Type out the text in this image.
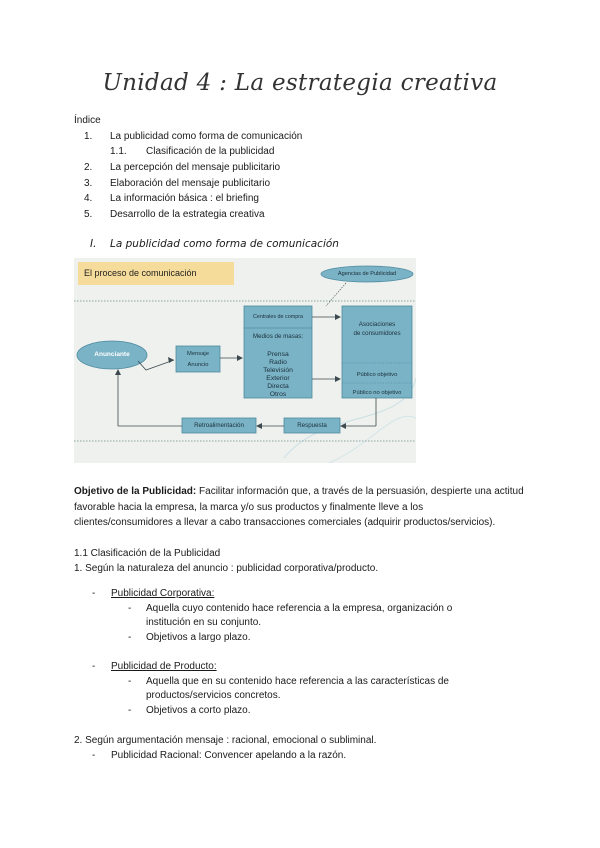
Unidad 4 : La estrategia creativa
Índice
1. La publicidad como forma de comunicación
1.1. Clasificación de la publicidad
2. La percepción del mensaje publicitario
3. Elaboración del mensaje publicitario
4. La información básica : el briefing
5. Desarrollo de la estrategia creativa
I. La publicidad como forma de comunicación
El proceso de comunicación	Agencias de Publicidad
Anunciante	Mensaje
Anuncio
Centrales de compra
Medios de masas:
Prensa
Radio
Televisión
Exterior
Directa
Otros
Asociaciones
de consumidores
Público objetivo
Público no objetivo
Retroalimentación	Respuesta
Objetivo de la Publicidad: Facilitar información que, a través de la persuasión, despierte una actitud
favorable hacia la empresa, la marca y/o sus productos y finalmente lleve a los
clientes/consumidores a llevar a cabo transacciones comerciales (adquirir productos/servicios).
1.1 Clasificación de la Publicidad
1. Según la naturaleza del anuncio : publicidad corporativa/producto.
- Publicidad Corporativa:
- Aquella cuyo contenido hace referencia a la empresa, organización o
institución en su conjunto.
- Objetivos a largo plazo.
- Publicidad de Producto:
- Aquella que en su contenido hace referencia a las características de
productos/servicios concretos.
- Objetivos a corto plazo.
2. Según argumentación mensaje : racional, emocional o subliminal.
- Publicidad Racional: Convencer apelando a la razón.
